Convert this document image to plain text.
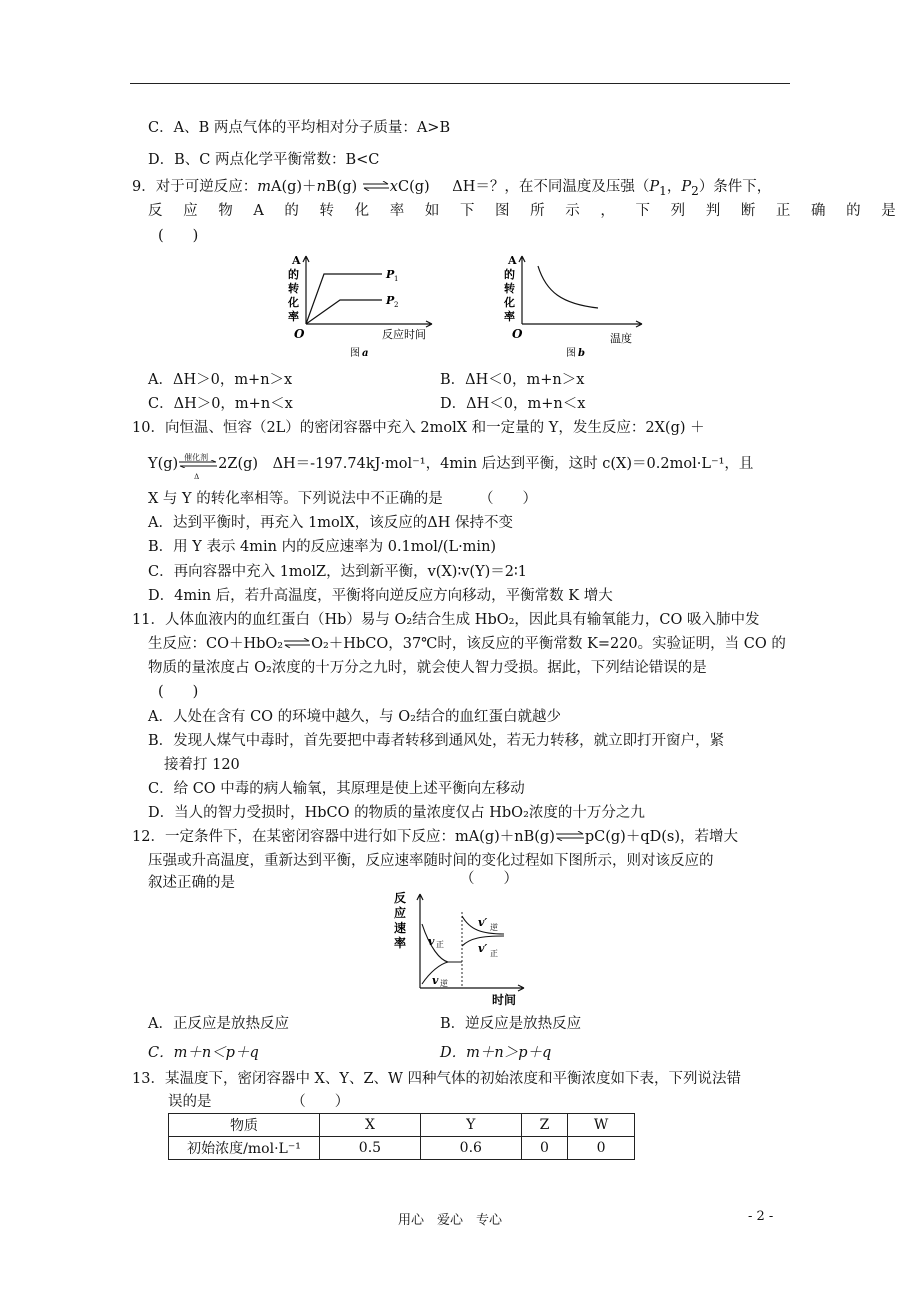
C．A、B 两点气体的平均相对分子质量：A>B
D．B、C 两点化学平衡常数：B<C
9．对于可逆反应：mA(g)＋nB(g) ⇌xC(g) ΔH＝？，在不同温度及压强（$P_1$，$P_2$）条件下，
反 应 物 A 的 转 化 率 如 下 图 所 示 ， 下 列 判 断 正 确 的 是
(　　)
A
的
转
化
率
P 1
P 2
O	反应时间
图 a
A
的
转
化
率
O	温度
图 b
A．ΔH＞0，m+n＞x	B．ΔH＜0，m+n＞x
C．ΔH＞0，m+n＜x	D．ΔH＜0，m+n＜x
10．向恒温、恒容（2L）的密闭容器中充入 2molX 和一定量的 Y，发生反应：2X(g) ＋
Y(g) 催化剂
Δ
2Z(g)　ΔH＝-197.74kJ·mol⁻¹，4min 后达到平衡，这时 c(X)＝0.2mol·L⁻¹，且
X 与 Y 的转化率相等。下列说法中不正确的是　　　（　　）
A．达到平衡时，再充入 1molX，该反应的ΔH 保持不变
B．用 Y 表示 4min 内的反应速率为 0.1mol/(L·min)
C．再向容器中充入 1molZ，达到新平衡，v(X)∶v(Y)＝2∶1
D．4min 后，若升高温度，平衡将向逆反应方向移动，平衡常数 K 增大
11．人体血液内的血红蛋白（Hb）易与 O₂结合生成 HbO₂，因此具有输氧能力，CO 吸入肺中发
生反应：CO＋HbO₂⇌O₂＋HbCO，37℃时，该反应的平衡常数 K=220。实验证明，当 CO 的
物质的量浓度占 O₂浓度的十万分之九时，就会使人智力受损。据此，下列结论错误的是
(　　)
A．人处在含有 CO 的环境中越久，与 O₂结合的血红蛋白就越少
B．发现人煤气中毒时，首先要把中毒者转移到通风处，若无力转移，就立即打开窗户，紧
接着打 120
C．给 CO 中毒的病人输氧，其原理是使上述平衡向左移动
D．当人的智力受损时，HbCO 的物质的量浓度仅占 HbO₂浓度的十万分之九
12．一定条件下，在某密闭容器中进行如下反应：mA(g)＋nB(g)⇌pC(g)＋qD(s)，若增大
压强或升高温度，重新达到平衡，反应速率随时间的变化过程如下图所示，则对该反应的
叙述正确的是	（　　）
反
应
速
率 v 正
v 逆
v′ 逆
v′ 正
时间
A．正反应是放热反应	B．逆反应是放热反应
C．m＋n＜p＋q	D．m＋n＞p＋q
13．某温度下，密闭容器中 X、Y、Z、W 四种气体的初始浓度和平衡浓度如下表，下列说法错
误的是　　　　　　（　　）
物质	X	Y	Z	W
初始浓度/mol·L⁻¹	0.5	0.6	0	0
用心　爱心　专心	- 2 -
